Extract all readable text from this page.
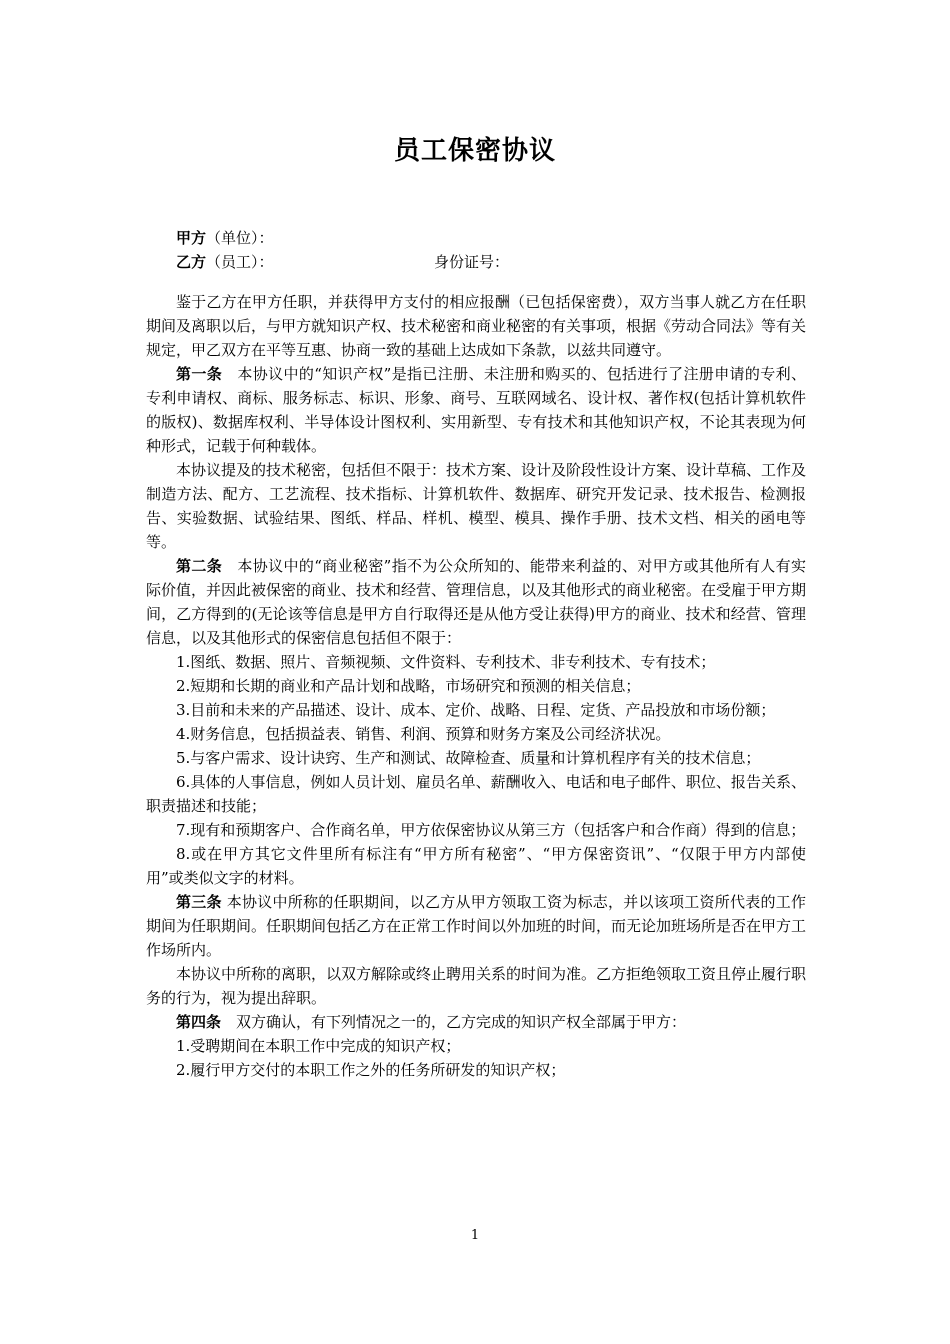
员工保密协议

甲方（单位）：

乙方（员工）：	身份证号：

鉴于乙方在甲方任职，并获得甲方支付的相应报酬（已包括保密费），双方当事人就乙方在任职期间及离职以后，与甲方就知识产权、技术秘密和商业秘密的有关事项，根据《劳动合同法》等有关规定，甲乙双方在平等互惠、协商一致的基础上达成如下条款，以兹共同遵守。

第一条　本协议中的“知识产权”是指已注册、未注册和购买的、包括进行了注册申请的专利、专利申请权、商标、服务标志、标识、形象、商号、互联网域名、设计权、著作权(包括计算机软件的版权)、数据库权利、半导体设计图权利、实用新型、专有技术和其他知识产权，不论其表现为何种形式，记载于何种载体。

本协议提及的技术秘密，包括但不限于：技术方案、设计及阶段性设计方案、设计草稿、工作及制造方法、配方、工艺流程、技术指标、计算机软件、数据库、研究开发记录、技术报告、检测报告、实验数据、试验结果、图纸、样品、样机、模型、模具、操作手册、技术文档、相关的函电等等。

第二条　本协议中的“商业秘密”指不为公众所知的、能带来利益的、对甲方或其他所有人有实际价值，并因此被保密的商业、技术和经营、管理信息，以及其他形式的商业秘密。在受雇于甲方期间，乙方得到的(无论该等信息是甲方自行取得还是从他方受让获得)甲方的商业、技术和经营、管理信息，以及其他形式的保密信息包括但不限于：

1.图纸、数据、照片、音频视频、文件资料、专利技术、非专利技术、专有技术；

2.短期和长期的商业和产品计划和战略，市场研究和预测的相关信息；

3.目前和未来的产品描述、设计、成本、定价、战略、日程、定货、产品投放和市场份额；

4.财务信息，包括损益表、销售、利润、预算和财务方案及公司经济状况。

5.与客户需求、设计诀窍、生产和测试、故障检查、质量和计算机程序有关的技术信息；

6.具体的人事信息，例如人员计划、雇员名单、薪酬收入、电话和电子邮件、职位、报告关系、职责描述和技能；

7.现有和预期客户、合作商名单，甲方依保密协议从第三方（包括客户和合作商）得到的信息；

8.或在甲方其它文件里所有标注有“甲方所有秘密”、“甲方保密资讯”、“仅限于甲方内部使用”或类似文字的材料。

第三条 本协议中所称的任职期间，以乙方从甲方领取工资为标志，并以该项工资所代表的工作期间为任职期间。任职期间包括乙方在正常工作时间以外加班的时间，而无论加班场所是否在甲方工作场所内。

本协议中所称的离职，以双方解除或终止聘用关系的时间为准。乙方拒绝领取工资且停止履行职务的行为，视为提出辞职。

第四条　双方确认，有下列情况之一的，乙方完成的知识产权全部属于甲方：

1.受聘期间在本职工作中完成的知识产权；

2.履行甲方交付的本职工作之外的任务所研发的知识产权；

1
